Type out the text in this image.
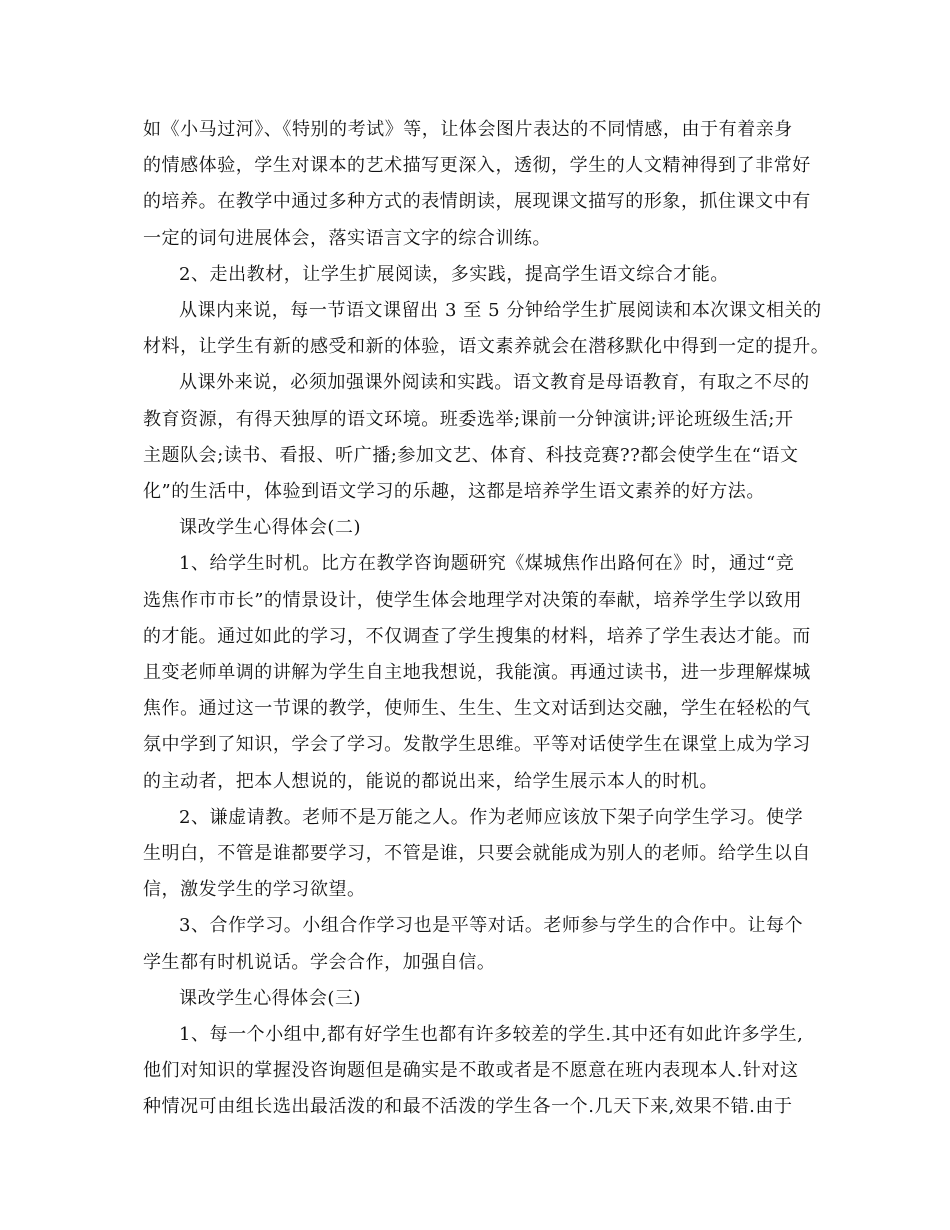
如《小马过河》、《特别的考试》等，让体会图片表达的不同情感，由于有着亲身
的情感体验，学生对课本的艺术描写更深入，透彻，学生的人文精神得到了非常好
的培养。在教学中通过多种方式的表情朗读，展现课文描写的形象，抓住课文中有
一定的词句进展体会，落实语言文字的综合训练。
2、走出教材，让学生扩展阅读，多实践，提高学生语文综合才能。
从课内来说，每一节语文课留出 3 至 5 分钟给学生扩展阅读和本次课文相关的
材料，让学生有新的感受和新的体验，语文素养就会在潜移默化中得到一定的提升。
从课外来说，必须加强课外阅读和实践。语文教育是母语教育，有取之不尽的
教育资源，有得天独厚的语文环境。班委选举;课前一分钟演讲;评论班级生活;开
主题队会;读书、看报、听广播;参加文艺、体育、科技竞赛??都会使学生在“语文
化”的生活中，体验到语文学习的乐趣，这都是培养学生语文素养的好方法。
课改学生心得体会(二)
1、给学生时机。比方在教学咨询题研究《煤城焦作出路何在》时，通过“竞
选焦作市市长”的情景设计，使学生体会地理学对决策的奉献，培养学生学以致用
的才能。通过如此的学习，不仅调查了学生搜集的材料，培养了学生表达才能。而
且变老师单调的讲解为学生自主地我想说，我能演。再通过读书，进一步理解煤城
焦作。通过这一节课的教学，使师生、生生、生文对话到达交融，学生在轻松的气
氛中学到了知识，学会了学习。发散学生思维。平等对话使学生在课堂上成为学习
的主动者，把本人想说的，能说的都说出来，给学生展示本人的时机。
2、谦虚请教。老师不是万能之人。作为老师应该放下架子向学生学习。使学
生明白，不管是谁都要学习，不管是谁，只要会就能成为别人的老师。给学生以自
信，激发学生的学习欲望。
3、合作学习。小组合作学习也是平等对话。老师参与学生的合作中。让每个
学生都有时机说话。学会合作，加强自信。
课改学生心得体会(三)
1、每一个小组中,都有好学生也都有许多较差的学生.其中还有如此许多学生,
他们对知识的掌握没咨询题但是确实是不敢或者是不愿意在班内表现本人.针对这
种情况可由组长选出最活泼的和最不活泼的学生各一个.几天下来,效果不错.由于
